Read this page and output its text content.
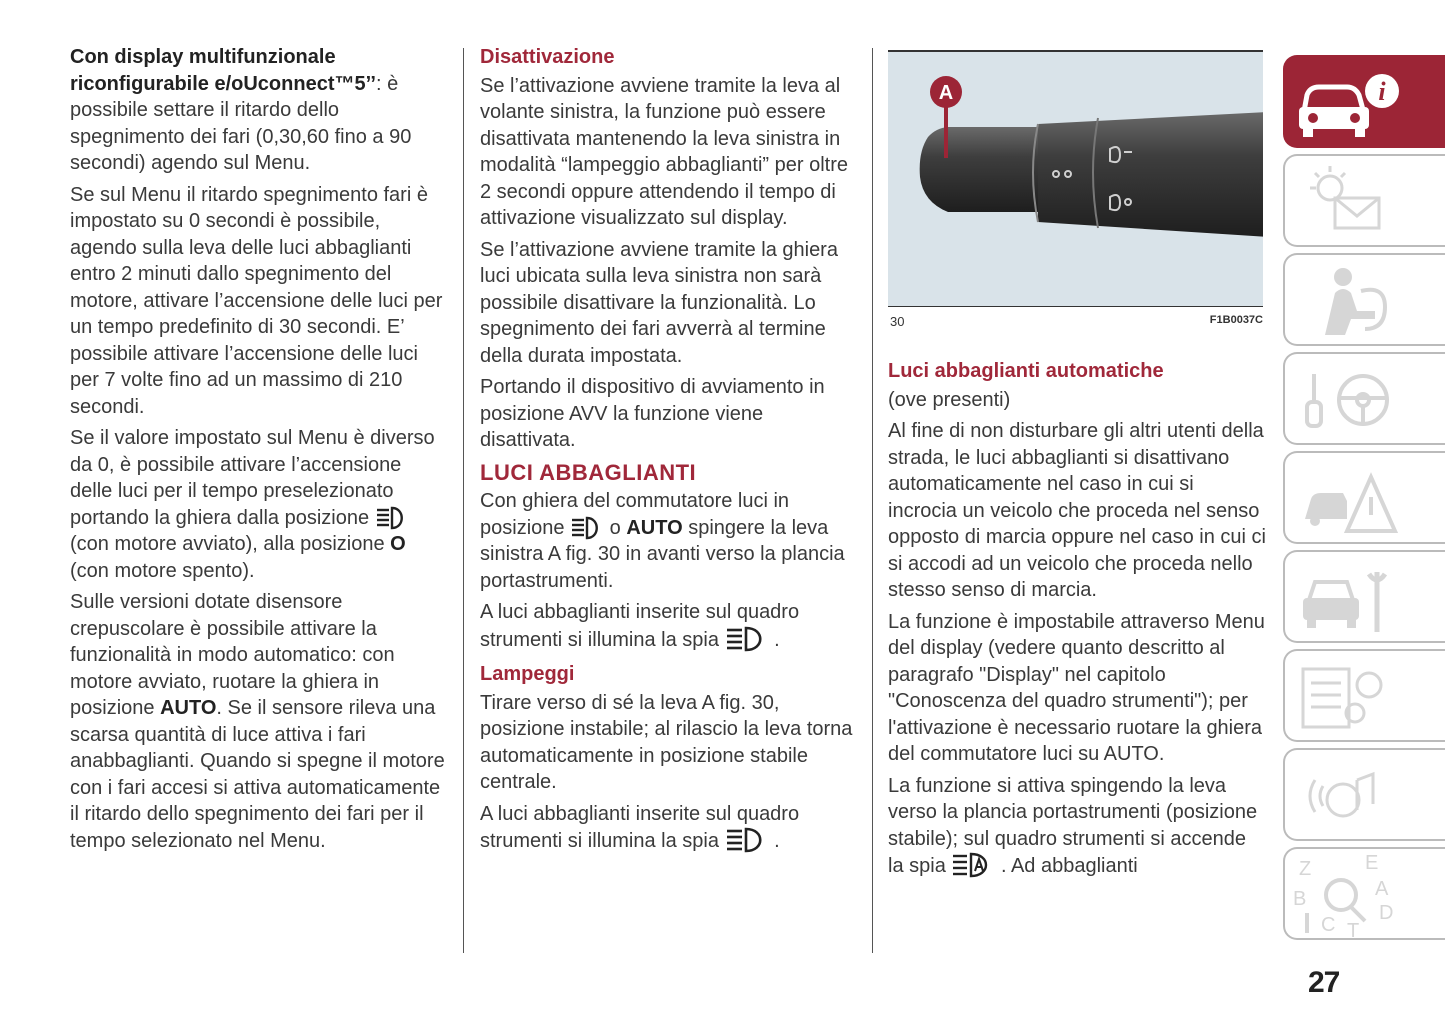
Con display multifunzionale riconfigurabile e/oUconnect™5’’: è possibile settare il ritardo dello spegnimento dei fari (0,30,60 fino a 90 secondi) agendo sul Menu.

Se sul Menu il ritardo spegnimento fari è impostato su 0 secondi è possibile, agendo sulla leva delle luci abbaglianti entro 2 minuti dallo spegnimento del motore, attivare l’accensione delle luci per un tempo predefinito di 30 secondi. E’ possibile attivare l’accensione delle luci per 7 volte fino ad un massimo di 210 secondi.

Se il valore impostato sul Menu è diverso da 0, è possibile attivare l’accensione delle luci per il tempo preselezionato portando la ghiera dalla posizione  (con motore avviato), alla posizione O (con motore spento).

Sulle versioni dotate disensore crepuscolare è possibile attivare la funzionalità in modo automatico: con motore avviato, ruotare la ghiera in posizione AUTO. Se il sensore rileva una scarsa quantità di luce attiva i fari anabbaglianti. Quando si spegne il motore con i fari accesi si attiva automaticamente il ritardo dello spegnimento dei fari per il tempo selezionato nel Menu.

Disattivazione

Se l’attivazione avviene tramite la leva al volante sinistra, la funzione può essere disattivata mantenendo la leva sinistra in modalità “lampeggio abbaglianti” per oltre 2 secondi oppure attendendo il tempo di attivazione visualizzato sul display.

Se l’attivazione avviene tramite la ghiera luci ubicata sulla leva sinistra non sarà possibile disattivare la funzionalità. Lo spegnimento dei fari avverrà al termine della durata impostata.

Portando il dispositivo di avviamento in posizione AVV la funzione viene disattivata.

LUCI ABBAGLIANTI

Con ghiera del commutatore luci in posizione o AUTO spingere la leva sinistra A fig. 30 in avanti verso la plancia portastrumenti.

A luci abbaglianti inserite sul quadro strumenti si illumina la spia	.

Lampeggi

Tirare verso di sé la leva A fig. 30, posizione instabile; al rilascio la leva torna automaticamente in posizione stabile centrale.

A luci abbaglianti inserite sul quadro strumenti si illumina la spia	.

A
30	F1B0037C
Luci abbaglianti automatiche

(ove presenti)

Al fine di non disturbare gli altri utenti della strada, le luci abbaglianti si disattivano automaticamente nel caso in cui si incrocia un veicolo che proceda nel senso opposto di marcia oppure nel caso in cui ci si accodi ad un veicolo che proceda nello stesso senso di marcia.

La funzione è impostabile attraverso Menu del display (vedere quanto descritto al paragrafo "Display" nel capitolo "Conoscenza del quadro strumenti"); per l'attivazione è necessario ruotare la ghiera del commutatore luci su AUTO.

La funzione si attiva spingendo la leva verso la plancia portastrumenti (posizione stabile); sul quadro strumenti si accende la spia	. Ad abbaglianti

i
Z	E
A
B
D
C T
27
